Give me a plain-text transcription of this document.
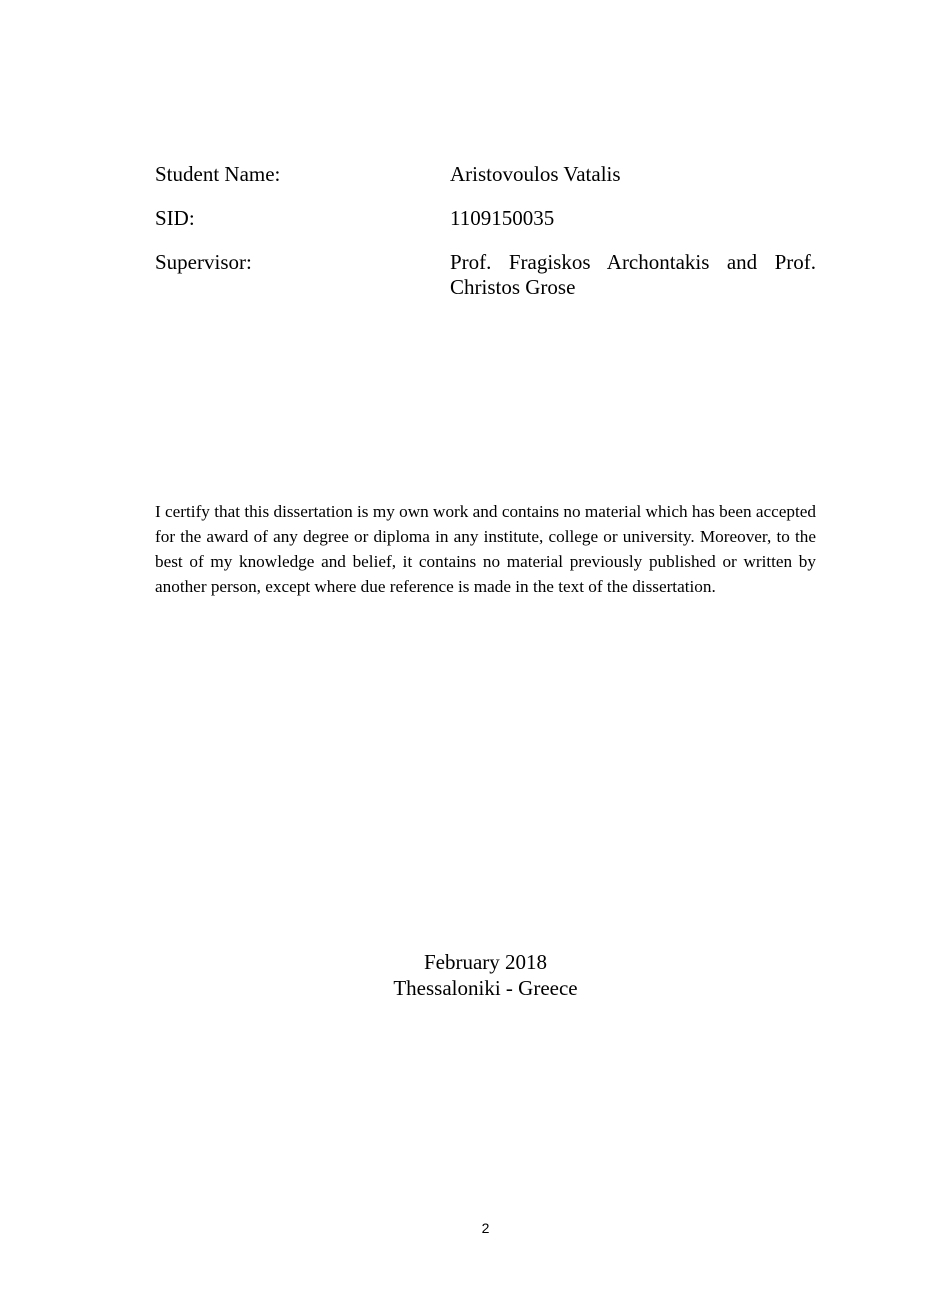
Student Name:	Aristovoulos Vatalis
SID:	1109150035
Supervisor:	Prof. Fragiskos Archontakis and Prof. Christos Grose

I certify that this dissertation is my own work and contains no material which has been accepted for the award of any degree or diploma in any institute, college or university. Moreover, to the best of my knowledge and belief, it contains no material previously published or written by another person, except where due reference is made in the text of the dissertation.

February 2018
Thessaloniki - Greece
2
